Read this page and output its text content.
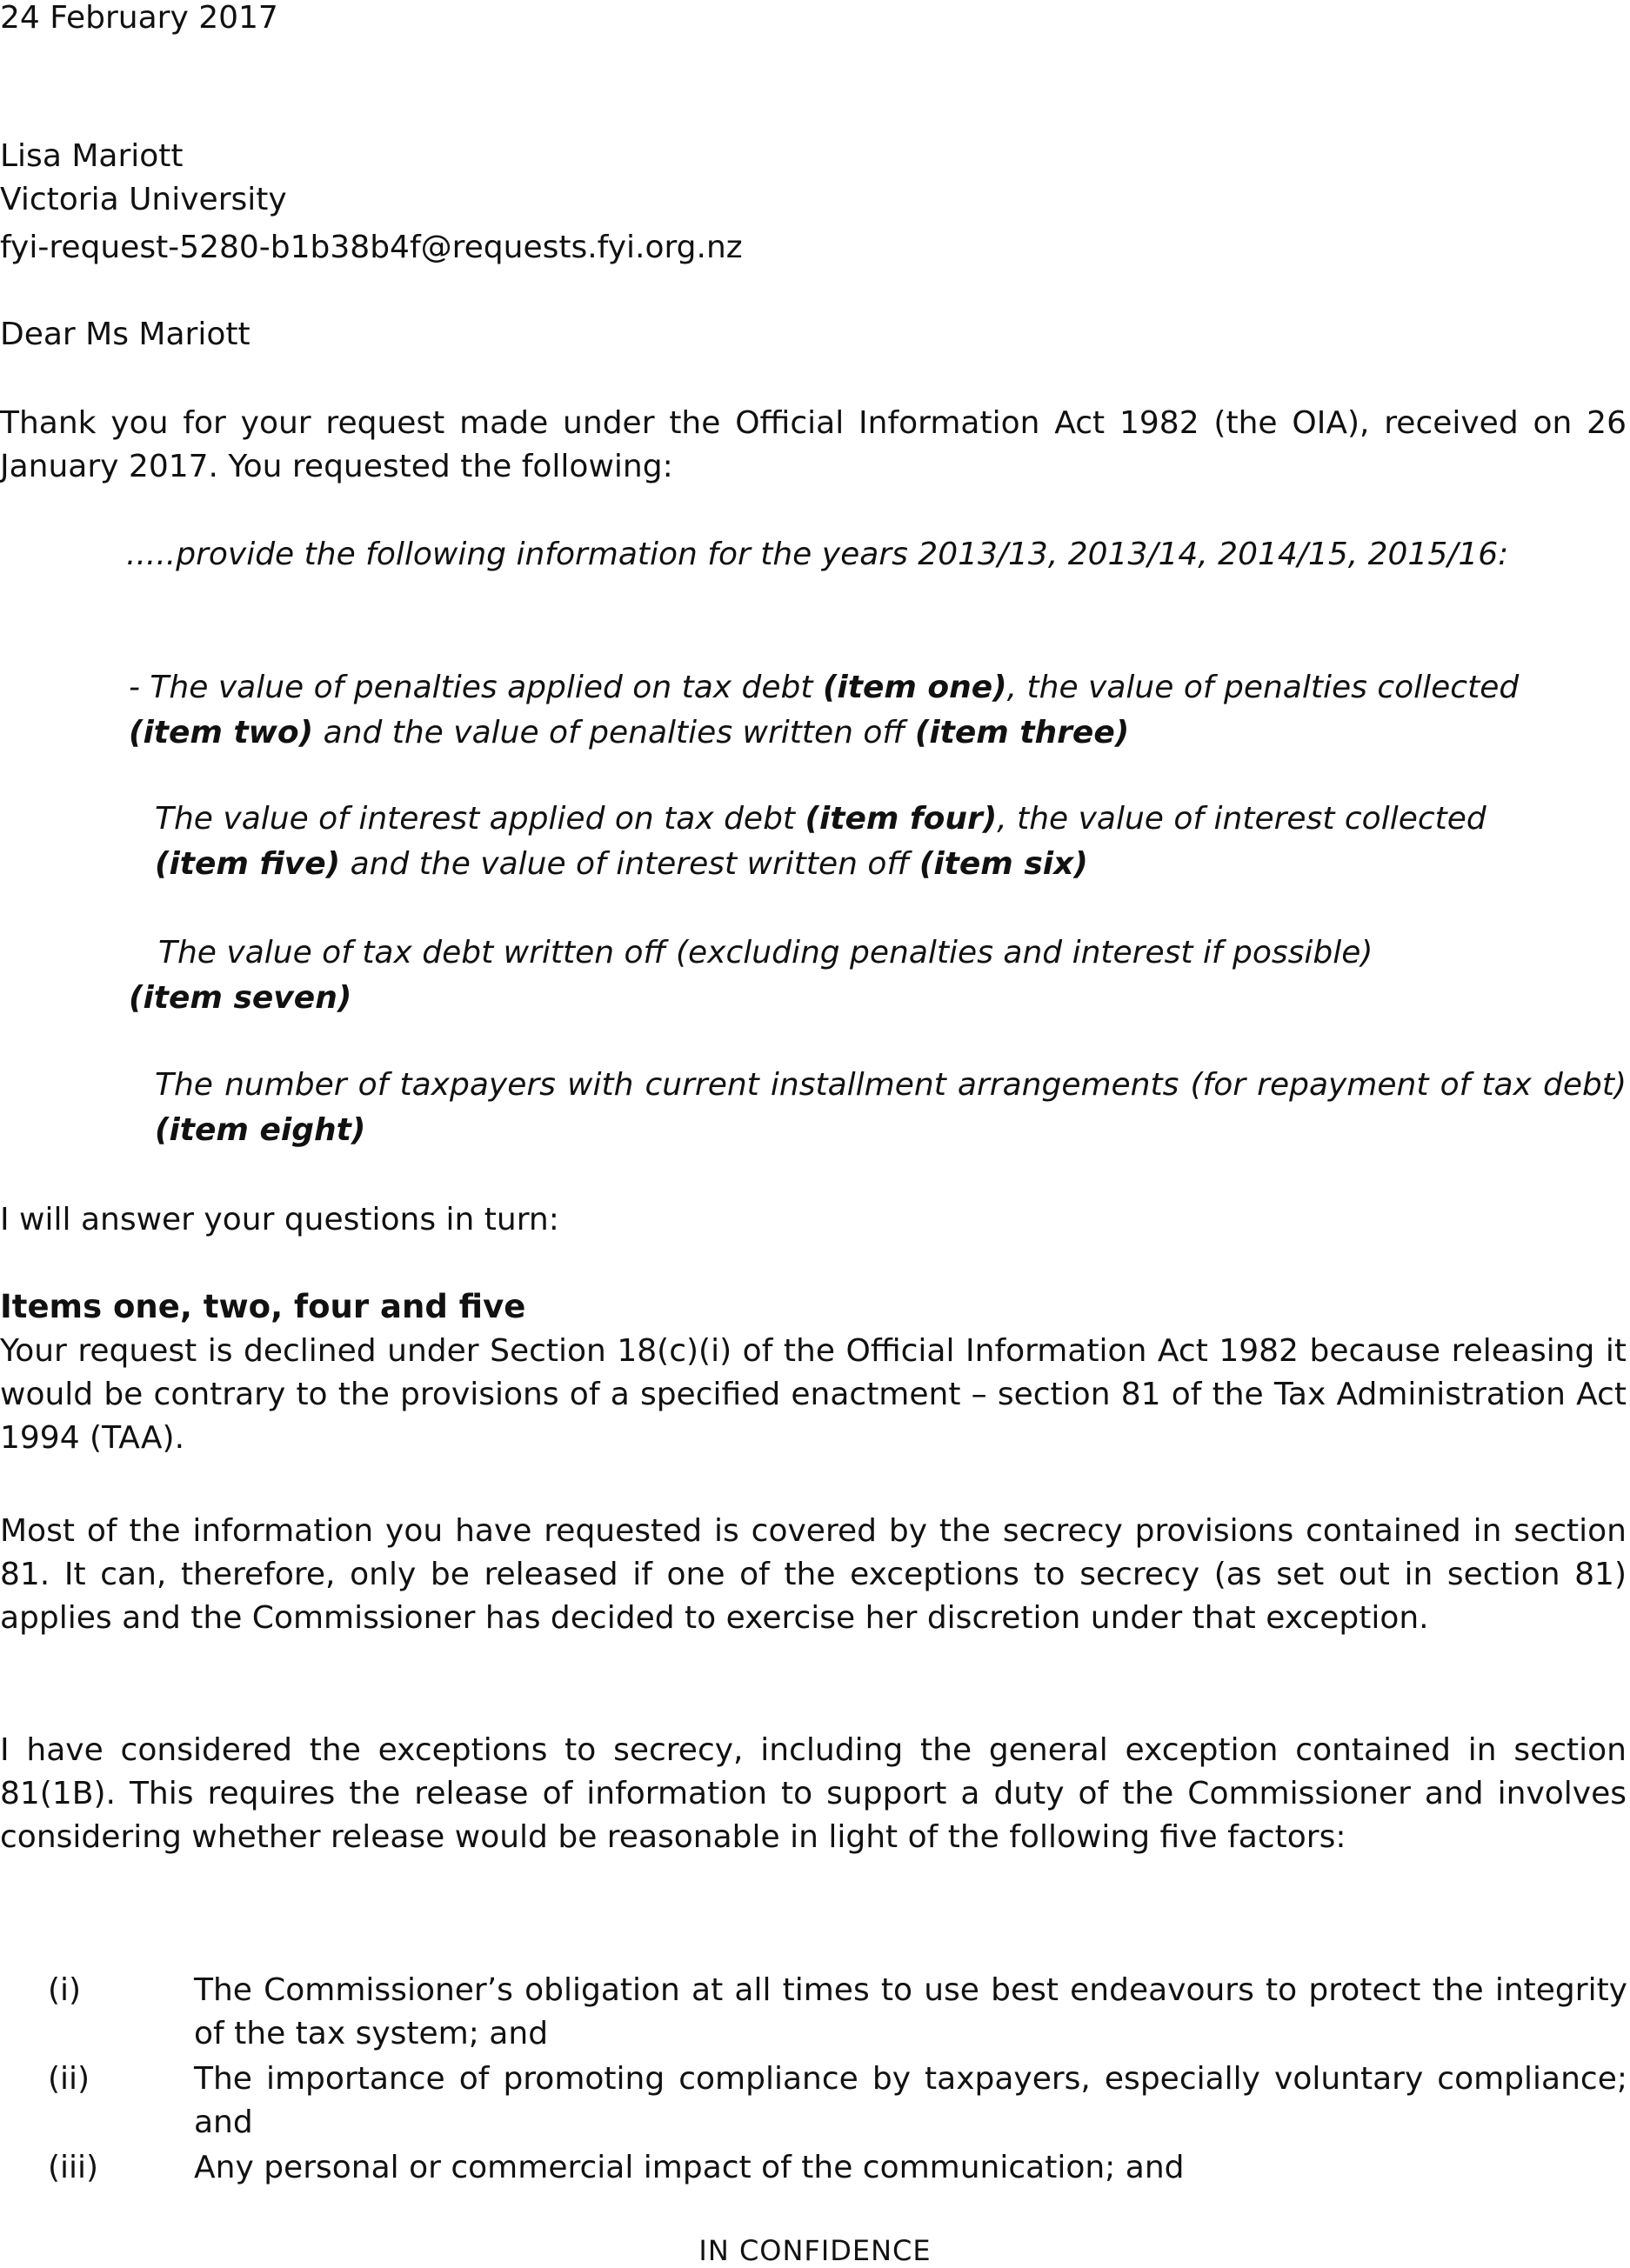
24 February 2017

Lisa Mariott

Victoria University

fyi-request-5280-b1b38b4f@requests.fyi.org.nz

Dear Ms Mariott

Thank you for your request made under the Official Information Act 1982 (the OIA), received on 26 January 2017. You requested the following:

.....provide the following information for the years 2013/13, 2013/14, 2014/15, 2015/16:

- The value of penalties applied on tax debt (item one), the value of penalties collected (item two) and the value of penalties written off (item three)

The value of interest applied on tax debt (item four), the value of interest collected (item five) and the value of interest written off (item six)

The value of tax debt written off (excluding penalties and interest if possible)

(item seven)

The number of taxpayers with current installment arrangements (for repayment of tax debt) (item eight)

I will answer your questions in turn:

Items one, two, four and five

Your request is declined under Section 18(c)(i) of the Official Information Act 1982 because releasing it would be contrary to the provisions of a specified enactment – section 81 of the Tax Administration Act 1994 (TAA).

Most of the information you have requested is covered by the secrecy provisions contained in section 81. It can, therefore, only be released if one of the exceptions to secrecy (as set out in section 81) applies and the Commissioner has decided to exercise her discretion under that exception.

I have considered the exceptions to secrecy, including the general exception contained in section 81(1B). This requires the release of information to support a duty of the Commissioner and involves considering whether release would be reasonable in light of the following five factors:

(i)	The Commissioner’s obligation at all times to use best endeavours to protect the integrity of the tax system; and
(ii)	The importance of promoting compliance by taxpayers, especially voluntary compliance; and
(iii)	Any personal or commercial impact of the communication; and
IN CONFIDENCE
